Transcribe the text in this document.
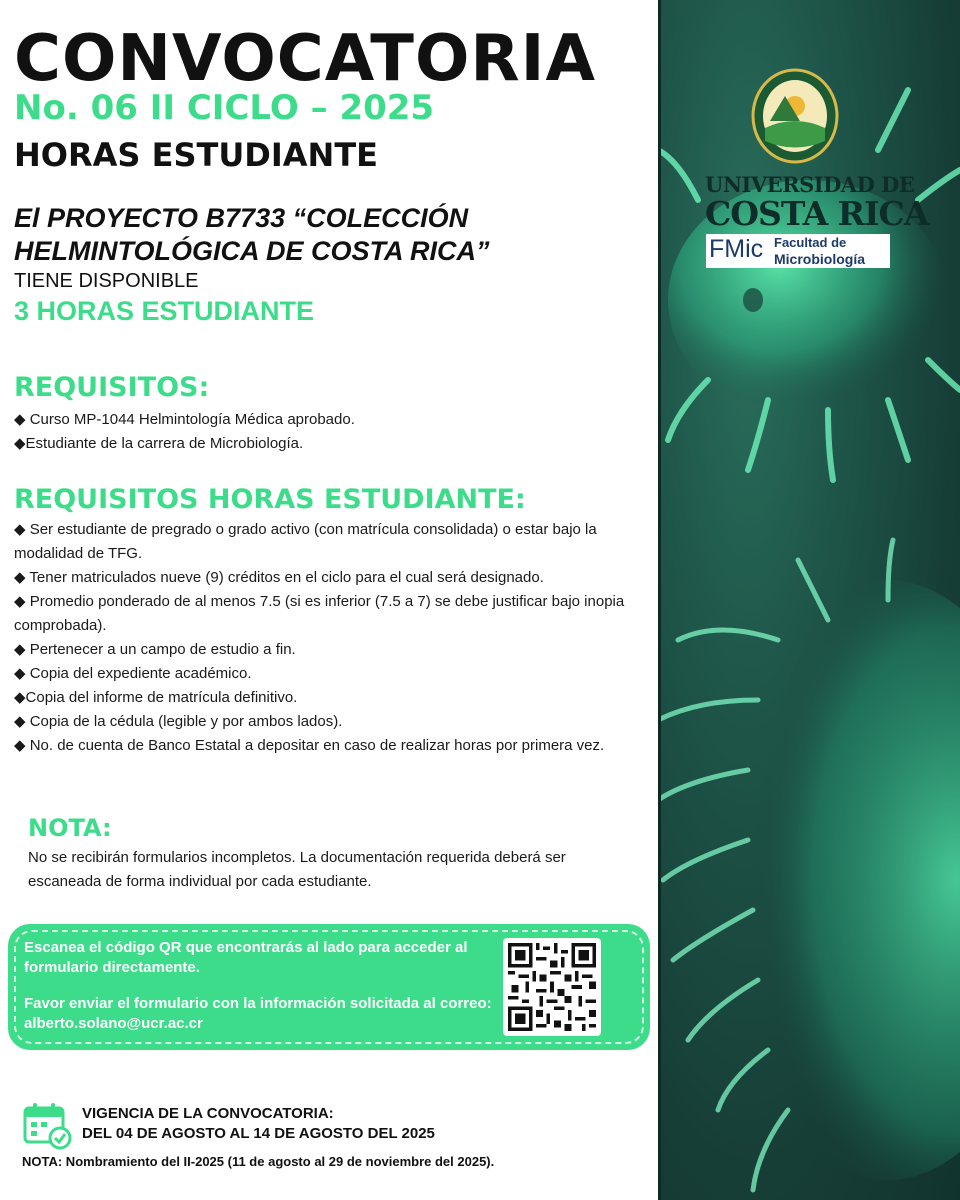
UNIVERSIDAD DE

COSTA RICA

FMic Facultad de

Microbiología

CONVOCATORIA
No. 06 II CICLO – 2025
HORAS ESTUDIANTE

El PROYECTO B7733 “COLECCIÓN
HELMINTOLÓGICA DE COSTA RICA”

TIENE DISPONIBLE

3 HORAS ESTUDIANTE

REQUISITOS:
◆ Curso MP-1044 Helmintología Médica aprobado.
◆Estudiante de la carrera de Microbiología.
REQUISITOS HORAS ESTUDIANTE:
◆ Ser estudiante de pregrado o grado activo (con matrícula consolidada) o estar bajo la modalidad de TFG.
◆ Tener matriculados nueve (9) créditos en el ciclo para el cual será designado.
◆ Promedio ponderado de al menos 7.5 (si es inferior (7.5 a 7) se debe justificar bajo inopia comprobada).
◆ Pertenecer a un campo de estudio a fin.
◆ Copia del expediente académico.
◆Copia del informe de matrícula definitivo.
◆ Copia de la cédula (legible y por ambos lados).
◆ No. de cuenta de Banco Estatal a depositar en caso de realizar horas por primera vez.
NOTA:

No se recibirán formularios incompletos. La documentación requerida deberá ser escaneada de forma individual por cada estudiante.

Escanea el código QR que encontrarás al lado para acceder al formulario directamente.

Favor enviar el formulario con la información solicitada al correo: alberto.solano@ucr.ac.cr

VIGENCIA DE LA CONVOCATORIA:
DEL 04 DE AGOSTO AL 14 DE AGOSTO DEL 2025

NOTA: Nombramiento del II-2025 (11 de agosto al 29 de noviembre del 2025).
